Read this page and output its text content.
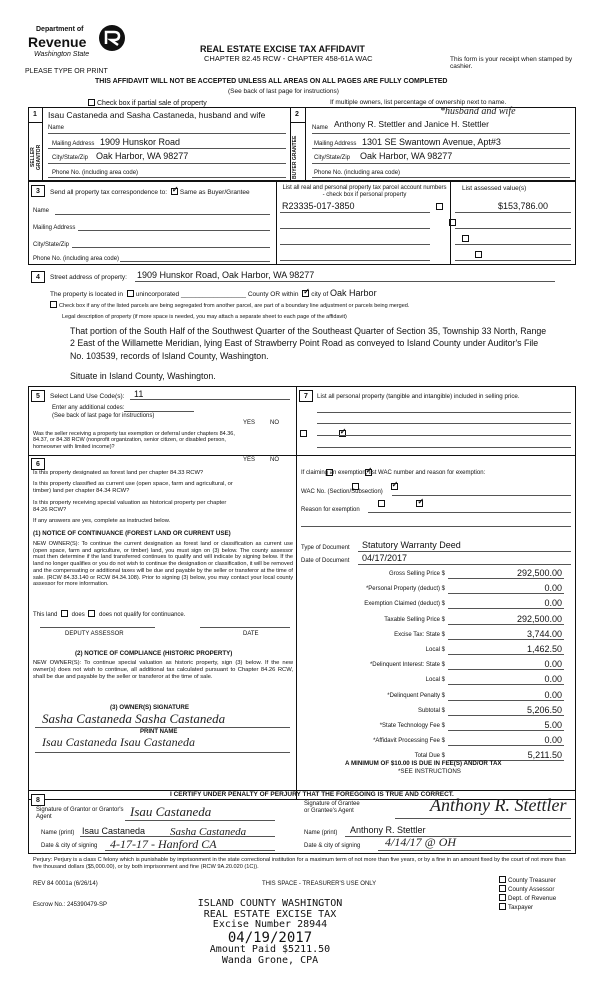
Department of
Revenue
Washington State
PLEASE TYPE OR PRINT
REAL ESTATE EXCISE TAX AFFIDAVIT
CHAPTER 82.45 RCW - CHAPTER 458-61A WAC	This form is your receipt when stamped by cashier.
THIS AFFIDAVIT WILL NOT BE ACCEPTED UNLESS ALL AREAS ON ALL PAGES ARE FULLY COMPLETED
(See back of last page for instructions)
Check box if partial sale of property	If multiple owners, list percentage of ownership next to name.
1	2
SELLER GRANTOR	BUYER GRANTEE
Isau Castaneda and Sasha Castaneda, husband and wife
Name
Mailing Address 1909 Hunskor Road
City/State/Zip Oak Harbor, WA 98277
Phone No. (including area code)
*husband and wife
Name Anthony R. Stettler and Janice H. Stettler
Mailing Address 1301 SE Swantown Avenue, Apt#3
City/State/Zip Oak Harbor, WA 98277
Phone No. (including area code)
3	Send all property tax correspondence to: ✓ Same as Buyer/Grantee
Name
Mailing Address
City/State/Zip
Phone No. (including area code)
List all real and personal property tax parcel account numbers - check box if personal property
List assessed value(s)
R23335-017-3850	$153,786.00

4	Street address of property: 1909 Hunskor Road, Oak Harbor, WA 98277
The property is located in unincorporated __________________ County OR within ✓ city of Oak Harbor
Check box if any of the listed parcels are being segregated from another parcel, are part of a boundary line adjustment or parcels being merged.
Legal description of property (if more space is needed, you may attach a separate sheet to each page of the affidavit)
That portion of the South Half of the Southwest Quarter of the Southeast Quarter of Section 35, Township 33 North, Range 2 East of the Willamette Meridian, lying East of Strawberry Point Road as conveyed to Island County under Auditor's File No. 103539, records of Island County, Washington.
Situate in Island County, Washington.
5	Select Land Use Code(s): 11
Enter any additional codes:
(See back of last page for instructions)
YES NO
Was the seller receiving a property tax exemption or deferral under chapters 84.36, 84.37, or 84.38 RCW (nonprofit organization, senior citizen, or disabled person, homeowner with limited income)?
✓
6
YES NO
Is this property designated as forest land per chapter 84.33 RCW?
✓
Is this property classified as current use (open space, farm and agricultural, or timber) land per chapter 84.34 RCW?
✓
Is this property receiving special valuation as historical property per chapter 84.26 RCW?
✓
If any answers are yes, complete as instructed below.
(1) NOTICE OF CONTINUANCE (FOREST LAND OR CURRENT USE)
NEW OWNER(S): To continue the current designation as forest land or classification as current use (open space, farm and agriculture, or timber) land, you must sign on (3) below. The county assessor must then determine if the land transferred continues to qualify and will indicate by signing below. If the land no longer qualifies or you do not wish to continue the designation or classification, it will be removed and the compensating or additional taxes will be due and payable by the seller or transferor at the time of sale. (RCW 84.33.140 or RCW 84.34.108). Prior to signing (3) below, you may contact your local county assessor for more information.
This land  does  does not qualify for continuance.
DEPUTY ASSESSOR	DATE
(2) NOTICE OF COMPLIANCE (HISTORIC PROPERTY)
NEW OWNER(S): To continue special valuation as historic property, sign (3) below. If the new owner(s) does not wish to continue, all additional tax calculated pursuant to Chapter 84.26 RCW, shall be due and payable by the seller or transferor at the time of sale.
(3) OWNER(S) SIGNATURE
Sasha Castaneda Sasha Castaneda
PRINT NAME
Isau Castaneda Isau Castaneda
7	List all personal property (tangible and intangible) included in selling price.
If claiming an exemption, list WAC number and reason for exemption:
WAC No. (Section/Subsection)
Reason for exemption
Type of Document Statutory Warranty Deed
Date of Document 04/17/2017
Gross Selling Price $	292,500.00
*Personal Property (deduct) $	0.00
Exemption Claimed (deduct) $	0.00
Taxable Selling Price $	292,500.00
Excise Tax: State $	3,744.00
Local $	1,462.50
*Delinquent Interest: State $	0.00
Local $	0.00
*Delinquent Penalty $	0.00
Subtotal $	5,206.50
*State Technology Fee $	5.00
*Affidavit Processing Fee $	0.00
Total Due $	5,211.50
A MINIMUM OF $10.00 IS DUE IN FEE(S) AND/OR TAX
*SEE INSTRUCTIONS
8
I CERTIFY UNDER PENALTY OF PERJURY THAT THE FOREGOING IS TRUE AND CORRECT.
Signature of Grantor or Grantor's Agent	Isau Castaneda
Name (print) Isau Castaneda Sasha Castaneda
Date & city of signing 4-17-17 - Hanford CA
Signature of Grantee or Grantee's Agent	Anthony R. Stettler
Name (print) Anthony R. Stettler
Date & city of signing 4/14/17 @ OH
Perjury: Perjury is a class C felony which is punishable by imprisonment in the state correctional institution for a maximum term of not more than five years, or by a fine in an amount fixed by the court of not more than five thousand dollars ($5,000.00), or by both imprisonment and fine (RCW 9A.20.020 (1C)).
REV 84 0001a (6/26/14)	THIS SPACE - TREASURER'S USE ONLY
Escrow No.: 245390479-SP
County Treasurer
County Assessor
Dept. of Revenue
Taxpayer
ISLAND COUNTY WASHINGTON
REAL ESTATE EXCISE TAX
Excise Number 28944
04/19/2017
Amount Paid $5211.50
Wanda Grone, CPA
